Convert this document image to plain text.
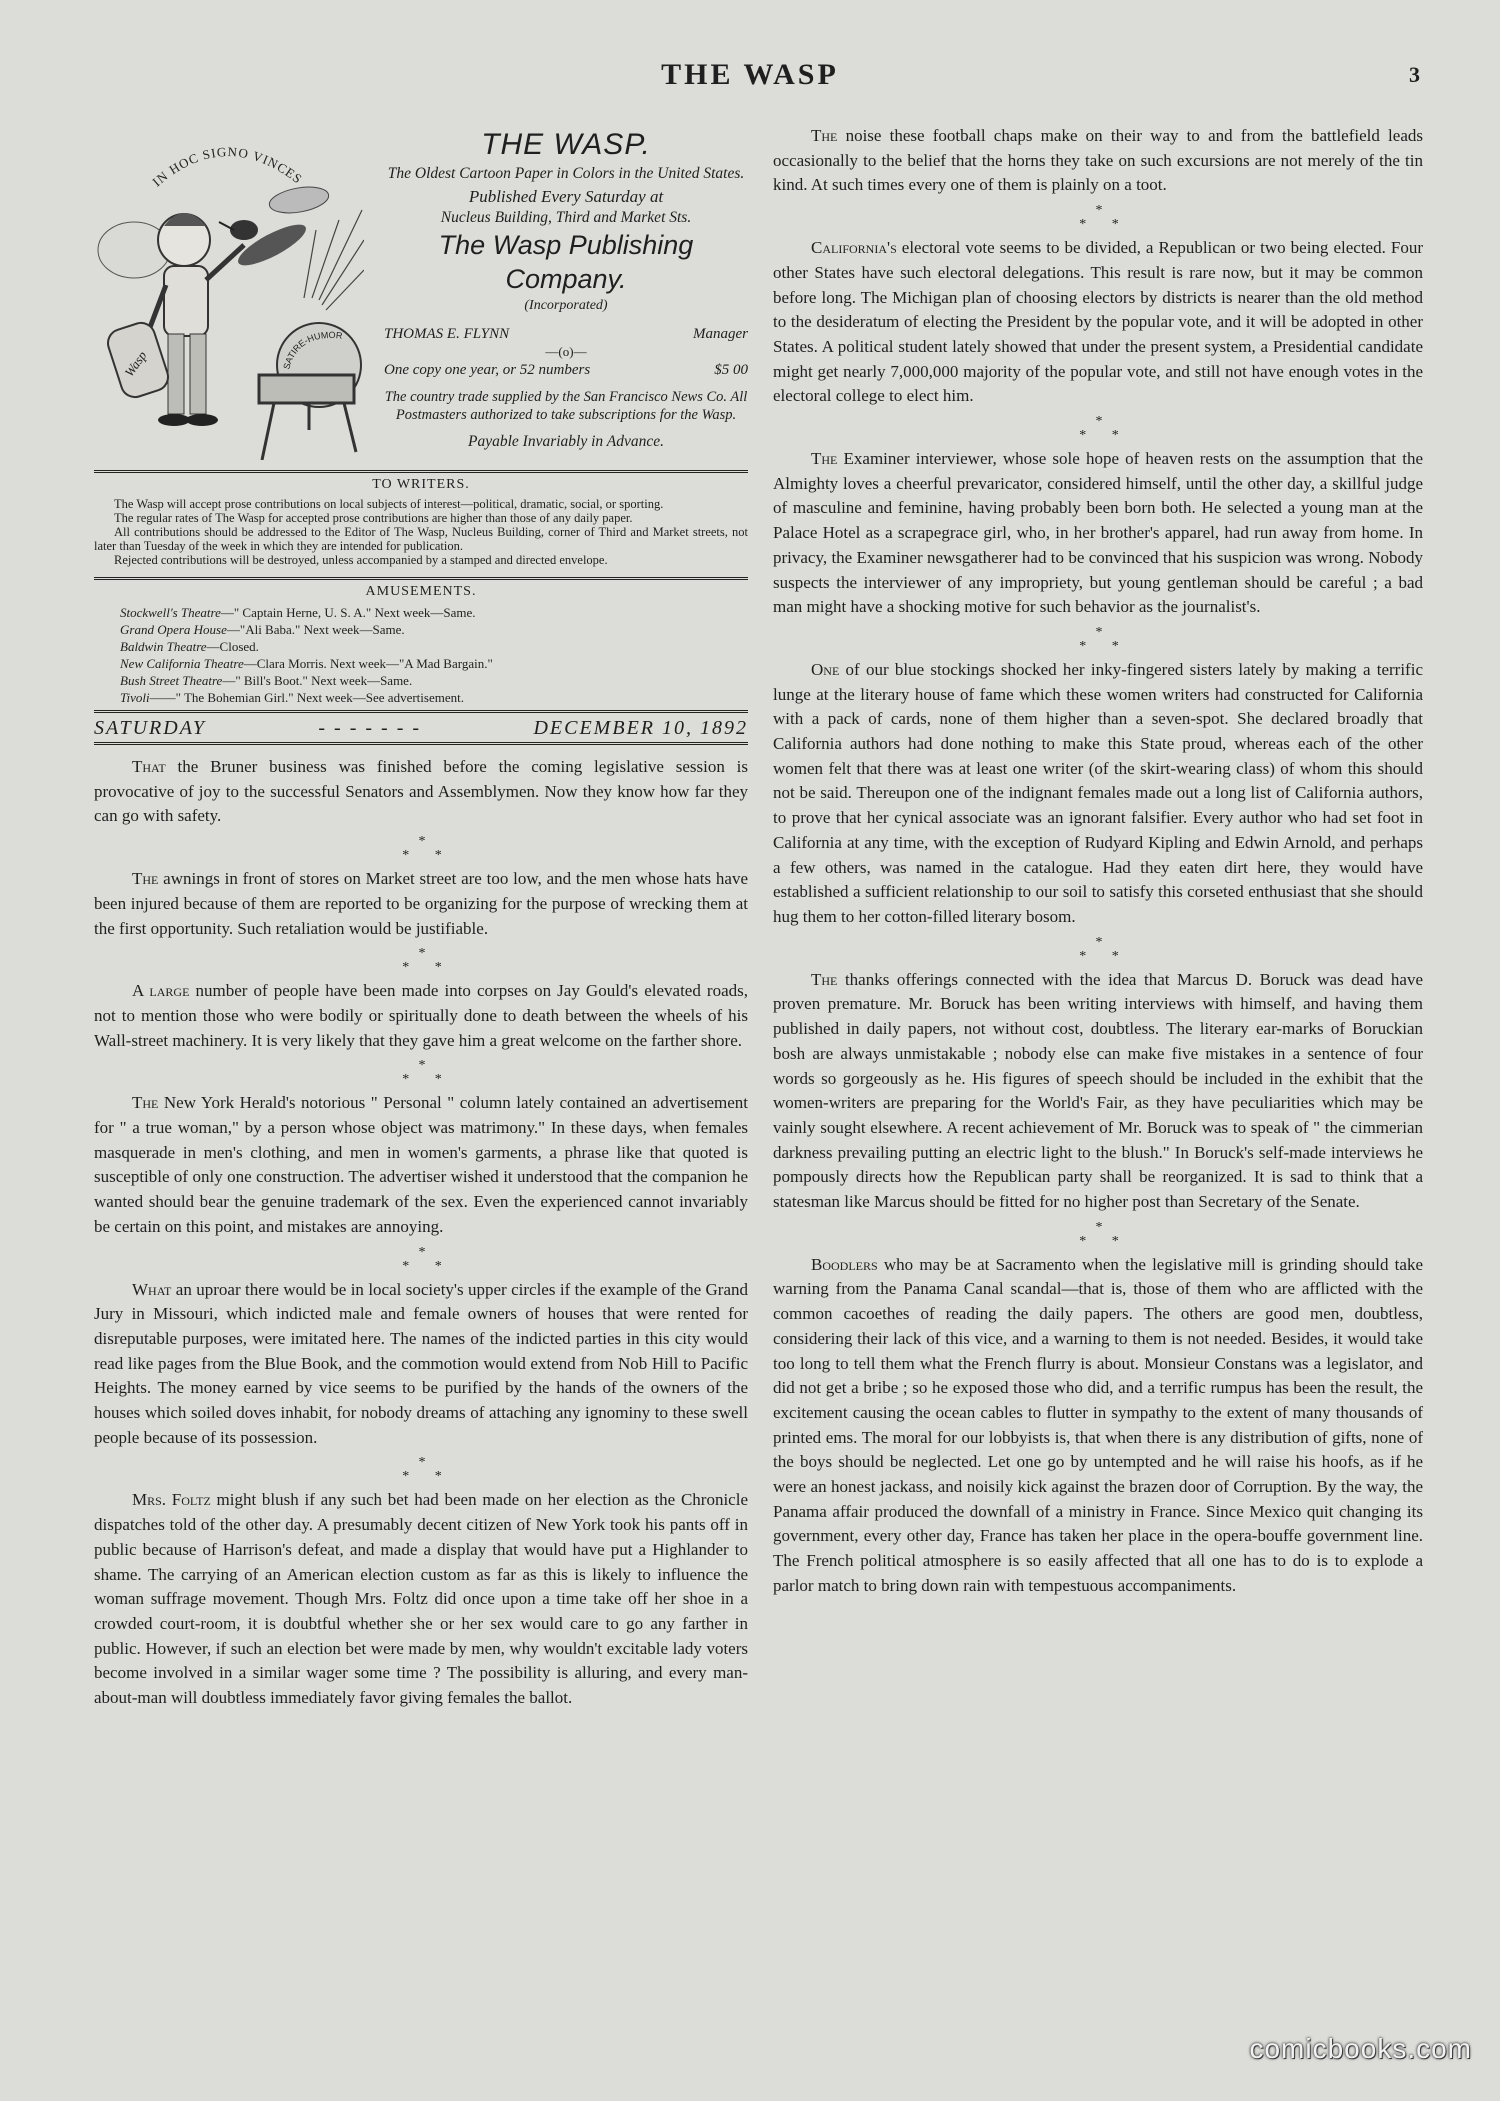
THE WASP	3
IN HOC SIGNO VINCES
SATIRE-HUMOR
Wasp

THE WASP.

The Oldest Cartoon Paper in Colors in the United States.

Published Every Saturday at

Nucleus Building, Third and Market Sts.

The Wasp Publishing Company.

(Incorporated)

THOMAS E. FLYNN	Manager

—(o)—

One copy one year, or 52 numbers	$5 00

The country trade supplied by the San Francisco News Co. All Postmasters authorized to take subscriptions for the Wasp.

Payable Invariably in Advance.

TO WRITERS.

The Wasp will accept prose contributions on local subjects of interest—political, dramatic, social, or sporting.

The regular rates of The Wasp for accepted prose contributions are higher than those of any daily paper.

All contributions should be addressed to the Editor of The Wasp, Nucleus Building, corner of Third and Market streets, not later than Tuesday of the week in which they are intended for publication.

Rejected contributions will be destroyed, unless accompanied by a stamped and directed envelope.

AMUSEMENTS.

Stockwell's Theatre—" Captain Herne, U. S. A." Next week—Same.

Grand Opera House—"Ali Baba." Next week—Same.

Baldwin Theatre—Closed.

New California Theatre—Clara Morris. Next week—"A Mad Bargain."

Bush Street Theatre—" Bill's Boot." Next week—Same.

Tivoli——" The Bohemian Girl." Next week—See advertisement.

SATURDAY	- - - - - - -	DECEMBER 10, 1892

That the Bruner business was finished before the coming legislative session is provocative of joy to the successful Senators and Assemblymen. Now they know how far they can go with safety.

*
* *

The awnings in front of stores on Market street are too low, and the men whose hats have been injured because of them are reported to be organizing for the purpose of wrecking them at the first opportunity. Such retaliation would be justifiable.

*
* *

A large number of people have been made into corpses on Jay Gould's elevated roads, not to mention those who were bodily or spiritually done to death between the wheels of his Wall-street machinery. It is very likely that they gave him a great welcome on the farther shore.

*
* *

The New York Herald's notorious " Personal " column lately contained an advertisement for " a true woman," by a person whose object was matrimony." In these days, when females masquerade in men's clothing, and men in women's garments, a phrase like that quoted is susceptible of only one construction. The advertiser wished it understood that the companion he wanted should bear the genuine trademark of the sex. Even the experienced cannot invariably be certain on this point, and mistakes are annoying.

*
* *

What an uproar there would be in local society's upper circles if the example of the Grand Jury in Missouri, which indicted male and female owners of houses that were rented for disreputable purposes, were imitated here. The names of the indicted parties in this city would read like pages from the Blue Book, and the commotion would extend from Nob Hill to Pacific Heights. The money earned by vice seems to be purified by the hands of the owners of the houses which soiled doves inhabit, for nobody dreams of attaching any ignominy to these swell people because of its possession.

*
* *

Mrs. Foltz might blush if any such bet had been made on her election as the Chronicle dispatches told of the other day. A presumably decent citizen of New York took his pants off in public because of Harrison's defeat, and made a display that would have put a Highlander to shame. The carrying of an American election custom as far as this is likely to influence the woman suffrage movement. Though Mrs. Foltz did once upon a time take off her shoe in a crowded court-room, it is doubtful whether she or her sex would care to go any farther in public. However, if such an election bet were made by men, why wouldn't excitable lady voters become involved in a similar wager some time ? The possibility is alluring, and every man-about-man will doubtless immediately favor giving females the ballot.

The noise these football chaps make on their way to and from the battlefield leads occasionally to the belief that the horns they take on such excursions are not merely of the tin kind. At such times every one of them is plainly on a toot.

*
* *

California's electoral vote seems to be divided, a Republican or two being elected. Four other States have such electoral delegations. This result is rare now, but it may be common before long. The Michigan plan of choosing electors by districts is nearer than the old method to the desideratum of electing the President by the popular vote, and it will be adopted in other States. A political student lately showed that under the present system, a Presidential candidate might get nearly 7,000,000 majority of the popular vote, and still not have enough votes in the electoral college to elect him.

*
* *

The Examiner interviewer, whose sole hope of heaven rests on the assumption that the Almighty loves a cheerful prevaricator, considered himself, until the other day, a skillful judge of masculine and feminine, having probably been born both. He selected a young man at the Palace Hotel as a scrapegrace girl, who, in her brother's apparel, had run away from home. In privacy, the Examiner newsgatherer had to be convinced that his suspicion was wrong. Nobody suspects the interviewer of any impropriety, but young gentleman should be careful ; a bad man might have a shocking motive for such behavior as the journalist's.

*
* *

One of our blue stockings shocked her inky-fingered sisters lately by making a terrific lunge at the literary house of fame which these women writers had constructed for California with a pack of cards, none of them higher than a seven-spot. She declared broadly that California authors had done nothing to make this State proud, whereas each of the other women felt that there was at least one writer (of the skirt-wearing class) of whom this should not be said. Thereupon one of the indignant females made out a long list of California authors, to prove that her cynical associate was an ignorant falsifier. Every author who had set foot in California at any time, with the exception of Rudyard Kipling and Edwin Arnold, and perhaps a few others, was named in the catalogue. Had they eaten dirt here, they would have established a sufficient relationship to our soil to satisfy this corseted enthusiast that she should hug them to her cotton-filled literary bosom.

*
* *

The thanks offerings connected with the idea that Marcus D. Boruck was dead have proven premature. Mr. Boruck has been writing interviews with himself, and having them published in daily papers, not without cost, doubtless. The literary ear-marks of Boruckian bosh are always unmistakable ; nobody else can make five mistakes in a sentence of four words so gorgeously as he. His figures of speech should be included in the exhibit that the women-writers are preparing for the World's Fair, as they have peculiarities which may be vainly sought elsewhere. A recent achievement of Mr. Boruck was to speak of " the cimmerian darkness prevailing putting an electric light to the blush." In Boruck's self-made interviews he pompously directs how the Republican party shall be reorganized. It is sad to think that a statesman like Marcus should be fitted for no higher post than Secretary of the Senate.

*
* *

Boodlers who may be at Sacramento when the legislative mill is grinding should take warning from the Panama Canal scandal—that is, those of them who are afflicted with the common cacoethes of reading the daily papers. The others are good men, doubtless, considering their lack of this vice, and a warning to them is not needed. Besides, it would take too long to tell them what the French flurry is about. Monsieur Constans was a legislator, and did not get a bribe ; so he exposed those who did, and a terrific rumpus has been the result, the excitement causing the ocean cables to flutter in sympathy to the extent of many thousands of printed ems. The moral for our lobbyists is, that when there is any distribution of gifts, none of the boys should be neglected. Let one go by untempted and he will raise his hoofs, as if he were an honest jackass, and noisily kick against the brazen door of Corruption. By the way, the Panama affair produced the downfall of a ministry in France. Since Mexico quit changing its government, every other day, France has taken her place in the opera-bouffe government line. The French political atmosphere is so easily affected that all one has to do is to explode a parlor match to bring down rain with tempestuous accompaniments.

comicbooks.com
